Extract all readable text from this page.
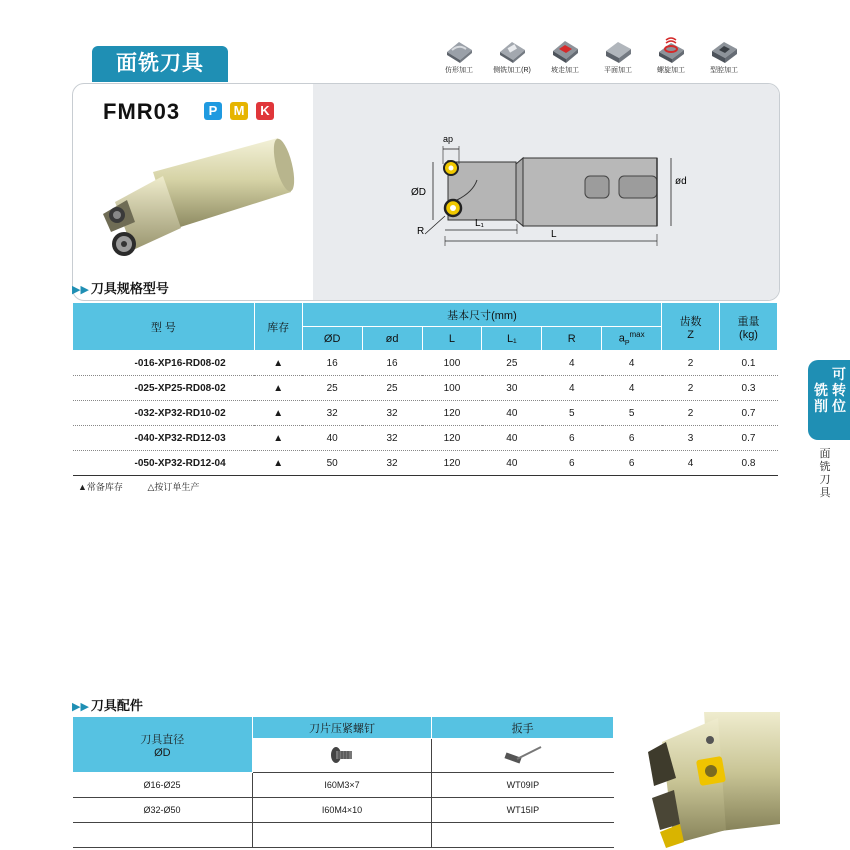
面铣刀具	仿形加工	侧铣加工(R)	坡走加工	平面加工	螺旋加工	型腔加工
FMR03	P	M	K
ØD
ød
ap
L₁
L
R
▶▶ 刀具规格型号
型 号	库存	基本尺寸(mm)						齿数
Z	重量
(kg)
		ØD	ød	L	L₁	R	$a_P^{max}$
-016-XP16-RD08-02	▲	16	16	100	25	4	4	2	0.1
-025-XP25-RD08-02	▲	25	25	100	30	4	4	2	0.3
-032-XP32-RD10-02	▲	32	32	120	40	5	5	2	0.7
-040-XP32-RD12-03	▲	40	32	120	40	6	6	3	0.7
-050-XP32-RD12-04	▲	50	32	120	40	6	6	4	0.8
▲常备库存	△按订单生产
铣削
可转位
面铣刀具
▶▶ 刀具配件
刀具直径
ØD	刀片压紧螺钉	扳手

Ø16-Ø25	I60M3×7	WT09IP
Ø32-Ø50	I60M4×10	WT15IP
